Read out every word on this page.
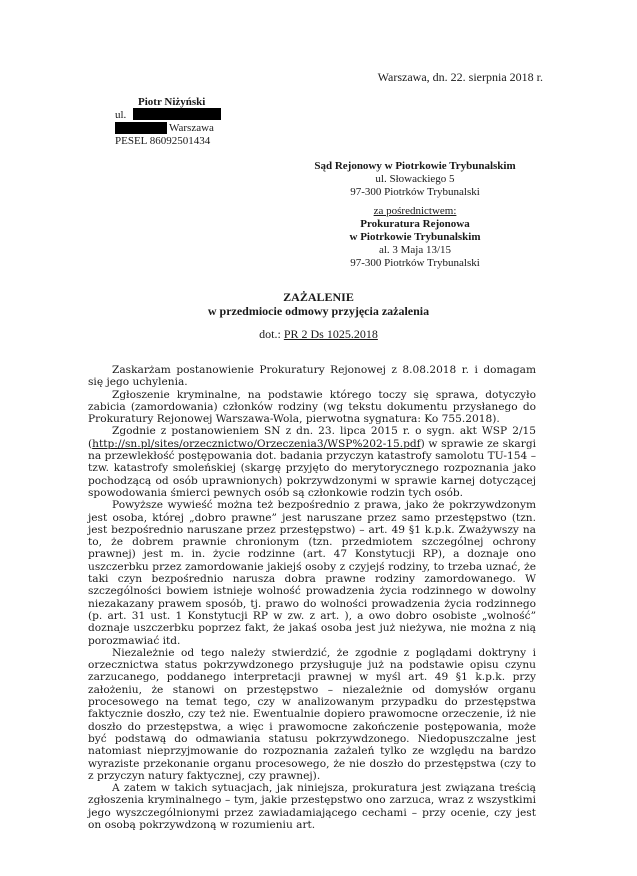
Warszawa, dn. 22. sierpnia 2018 r.
Piotr Niżyński
ul.
Warszawa
PESEL 86092501434
Sąd Rejonowy w Piotrkowie Trybunalskim
ul. Słowackiego 5
97-300 Piotrków Trybunalski
za pośrednictwem:
Prokuratura Rejonowa
w Piotrkowie Trybunalskim
al. 3 Maja 13/15
97-300 Piotrków Trybunalski
ZAŻALENIE
w przedmiocie odmowy przyjęcia zażalenia
dot.: PR 2 Ds 1025.2018

Zaskarżam postanowienie Prokuratury Rejonowej z 8.08.2018 r. i domagam się jego uchylenia.

Zgłoszenie kryminalne, na podstawie którego toczy się sprawa, dotyczyło zabicia (zamordowania) członków rodziny (wg tekstu dokumentu przysłanego do Prokuratury Rejonowej Warszawa-Wola, pierwotna sygnatura: Ko 755.2018).

Zgodnie z postanowieniem SN z dn. 23. lipca 2015 r. o sygn. akt WSP 2/15 (http://sn.pl/sites/orzecznictwo/Orzeczenia3/WSP%202-15.pdf) w sprawie ze skargi na przewlekłość postępowania dot. badania przyczyn katastrofy samolotu TU-154 – tzw. katastrofy smoleńskiej (skargę przyjęto do merytorycznego rozpoznania jako pochodzącą od osób uprawnionych) pokrzywdzonymi w sprawie karnej dotyczącej spowodowania śmierci pewnych osób są członkowie rodzin tych osób.

Powyższe wywieść można też bezpośrednio z prawa, jako że pokrzywdzonym jest osoba, której „dobro prawne” jest naruszane przez samo przestępstwo (tzn. jest bezpośrednio naruszane przez przestępstwo) – art. 49 §1 k.p.k. Zważywszy na to, że dobrem prawnie chronionym (tzn. przedmiotem szczególnej ochrony prawnej) jest m. in. życie rodzinne (art. 47 Konstytucji RP), a doznaje ono uszczerbku przez zamordowanie jakiejś osoby z czyjejś rodziny, to trzeba uznać, że taki czyn bezpośrednio narusza dobra prawne rodziny zamordowanego. W szczególności bowiem istnieje wolność prowadzenia życia rodzinnego w dowolny niezakazany prawem sposób, tj. prawo do wolności prowadzenia życia rodzinnego (p. art. 31 ust. 1 Konstytucji RP w zw. z art. ), a owo dobro osobiste „wolność” doznaje uszczerbku poprzez fakt, że jakaś osoba jest już nieżywa, nie można z nią porozmawiać itd.

Niezależnie od tego należy stwierdzić, że zgodnie z poglądami doktryny i orzecznictwa status pokrzywdzonego przysługuje już na podstawie opisu czynu zarzucanego, poddanego interpretacji prawnej w myśl art. 49 §1 k.p.k. przy założeniu, że stanowi on przestępstwo – niezależnie od domysłów organu procesowego na temat tego, czy w analizowanym przypadku do przestępstwa faktycznie doszło, czy też nie. Ewentualnie dopiero prawomocne orzeczenie, iż nie doszło do przestępstwa, a więc i prawomocne zakończenie postępowania, może być podstawą do odmawiania statusu pokrzywdzonego. Niedopuszczalne jest natomiast nieprzyjmowanie do rozpoznania zażaleń tylko ze względu na bardzo wyraziste przekonanie organu procesowego, że nie doszło do przestępstwa (czy to z przyczyn natury faktycznej, czy prawnej).

A zatem w takich sytuacjach, jak niniejsza, prokuratura jest związana treścią zgłoszenia kryminalnego – tym, jakie przestępstwo ono zarzuca, wraz z wszystkimi jego wyszczególnionymi przez zawiadamiającego cechami – przy ocenie, czy jest on osobą pokrzywdzoną w rozumieniu art.
